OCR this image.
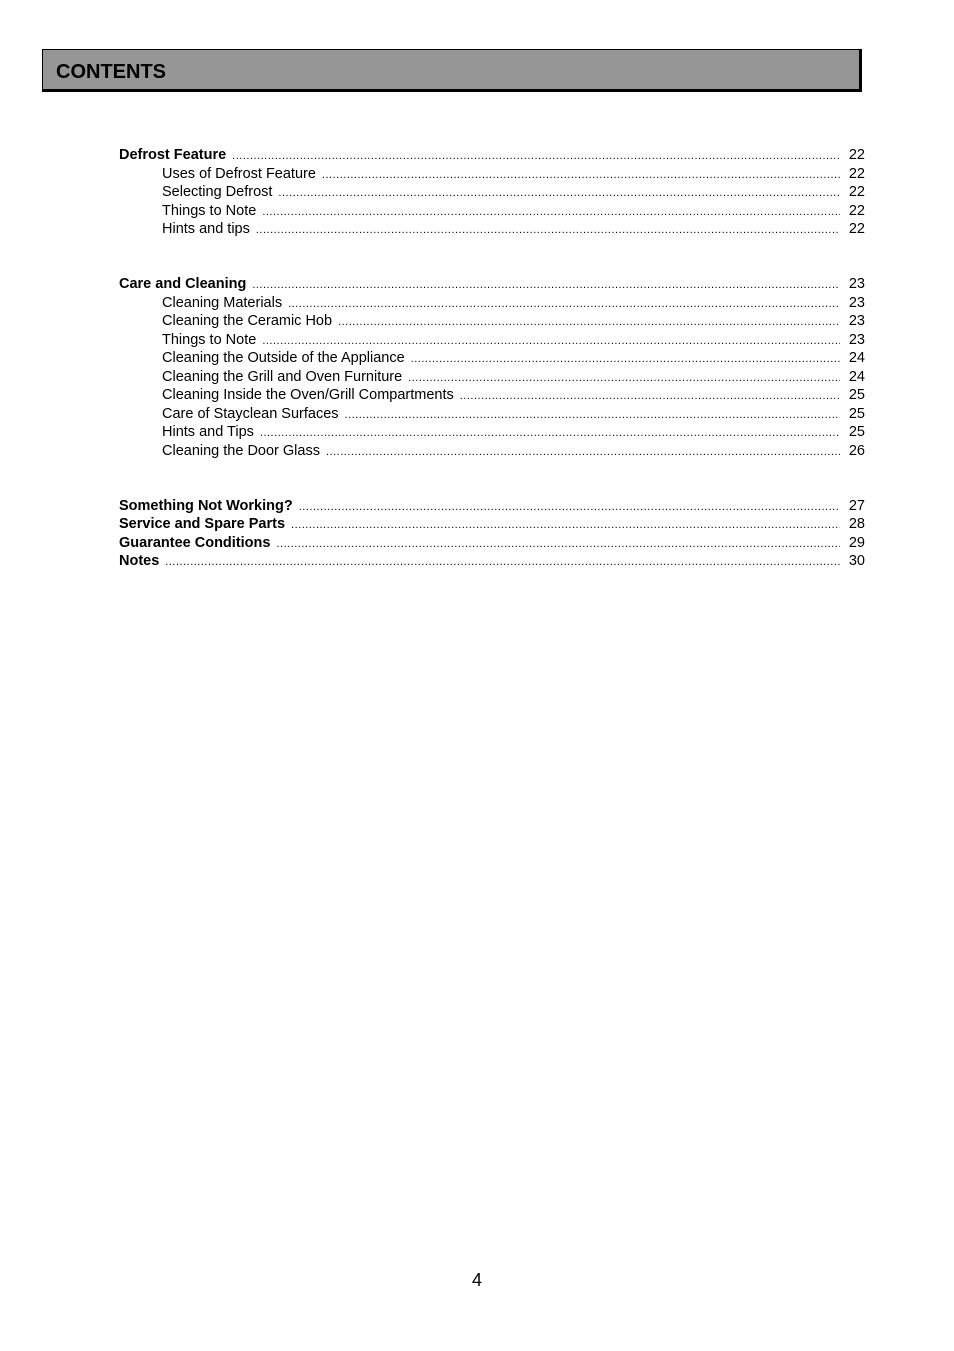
CONTENTS
Defrost Feature .....	22
Uses of Defrost Feature .....	22
Selecting Defrost .....	22
Things to Note .....	22
Hints and tips .....	22
Care and Cleaning .....	23
Cleaning Materials .....	23
Cleaning the Ceramic Hob .....	23
Things to Note .....	23
Cleaning the Outside of the Appliance .....	24
Cleaning the Grill and Oven Furniture .....	24
Cleaning Inside the Oven/Grill Compartments .....	25
Care of Stayclean Surfaces .....	25
Hints and Tips .....	25
Cleaning the Door Glass .....	26
Something Not Working? .....	27
Service and Spare Parts .....	28
Guarantee Conditions .....	29
Notes .....	30
4
